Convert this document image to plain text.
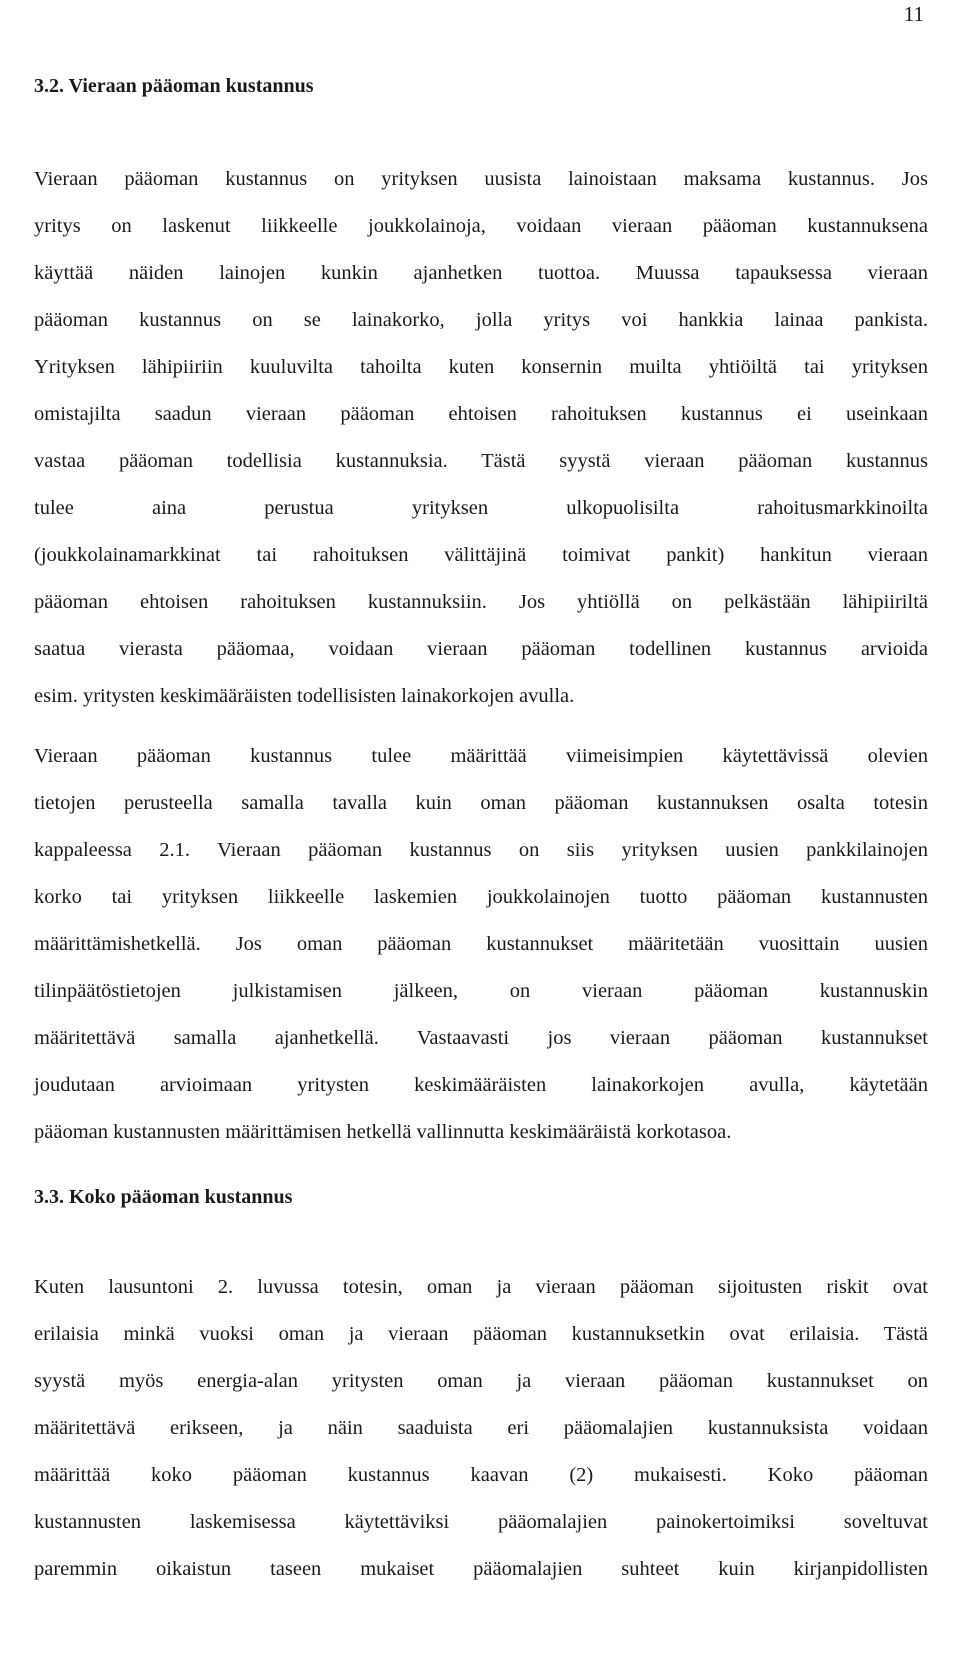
11
3.2. Vieraan pääoman kustannus
Vieraan pääoman kustannus on yrityksen uusista lainoistaan maksama kustannus. Jos
yritys on laskenut liikkeelle joukkolainoja, voidaan vieraan pääoman kustannuksena
käyttää näiden lainojen kunkin ajanhetken tuottoa. Muussa tapauksessa vieraan
pääoman kustannus on se lainakorko, jolla yritys voi hankkia lainaa pankista.
Yrityksen lähipiiriin kuuluvilta tahoilta kuten konsernin muilta yhtiöiltä tai yrityksen
omistajilta saadun vieraan pääoman ehtoisen rahoituksen kustannus ei useinkaan
vastaa pääoman todellisia kustannuksia. Tästä syystä vieraan pääoman kustannus
tulee aina perustua yrityksen ulkopuolisilta rahoitusmarkkinoilta
(joukkolainamarkkinat tai rahoituksen välittäjinä toimivat pankit) hankitun vieraan
pääoman ehtoisen rahoituksen kustannuksiin. Jos yhtiöllä on pelkästään lähipiiriltä
saatua vierasta pääomaa, voidaan vieraan pääoman todellinen kustannus arvioida
esim. yritysten keskimääräisten todellisisten lainakorkojen avulla.
Vieraan pääoman kustannus tulee määrittää viimeisimpien käytettävissä olevien
tietojen perusteella samalla tavalla kuin oman pääoman kustannuksen osalta totesin
kappaleessa 2.1. Vieraan pääoman kustannus on siis yrityksen uusien pankkilainojen
korko tai yrityksen liikkeelle laskemien joukkolainojen tuotto pääoman kustannusten
määrittämishetkellä. Jos oman pääoman kustannukset määritetään vuosittain uusien
tilinpäätöstietojen julkistamisen jälkeen, on vieraan pääoman kustannuskin
määritettävä samalla ajanhetkellä. Vastaavasti jos vieraan pääoman kustannukset
joudutaan arvioimaan yritysten keskimääräisten lainakorkojen avulla, käytetään
pääoman kustannusten määrittämisen hetkellä vallinnutta keskimääräistä korkotasoa.
3.3. Koko pääoman kustannus
Kuten lausuntoni 2. luvussa totesin, oman ja vieraan pääoman sijoitusten riskit ovat
erilaisia minkä vuoksi oman ja vieraan pääoman kustannuksetkin ovat erilaisia. Tästä
syystä myös energia-alan yritysten oman ja vieraan pääoman kustannukset on
määritettävä erikseen, ja näin saaduista eri pääomalajien kustannuksista voidaan
määrittää koko pääoman kustannus kaavan (2) mukaisesti. Koko pääoman
kustannusten laskemisessa käytettäviksi pääomalajien painokertoimiksi soveltuvat
paremmin oikaistun taseen mukaiset pääomalajien suhteet kuin kirjanpidollisten
